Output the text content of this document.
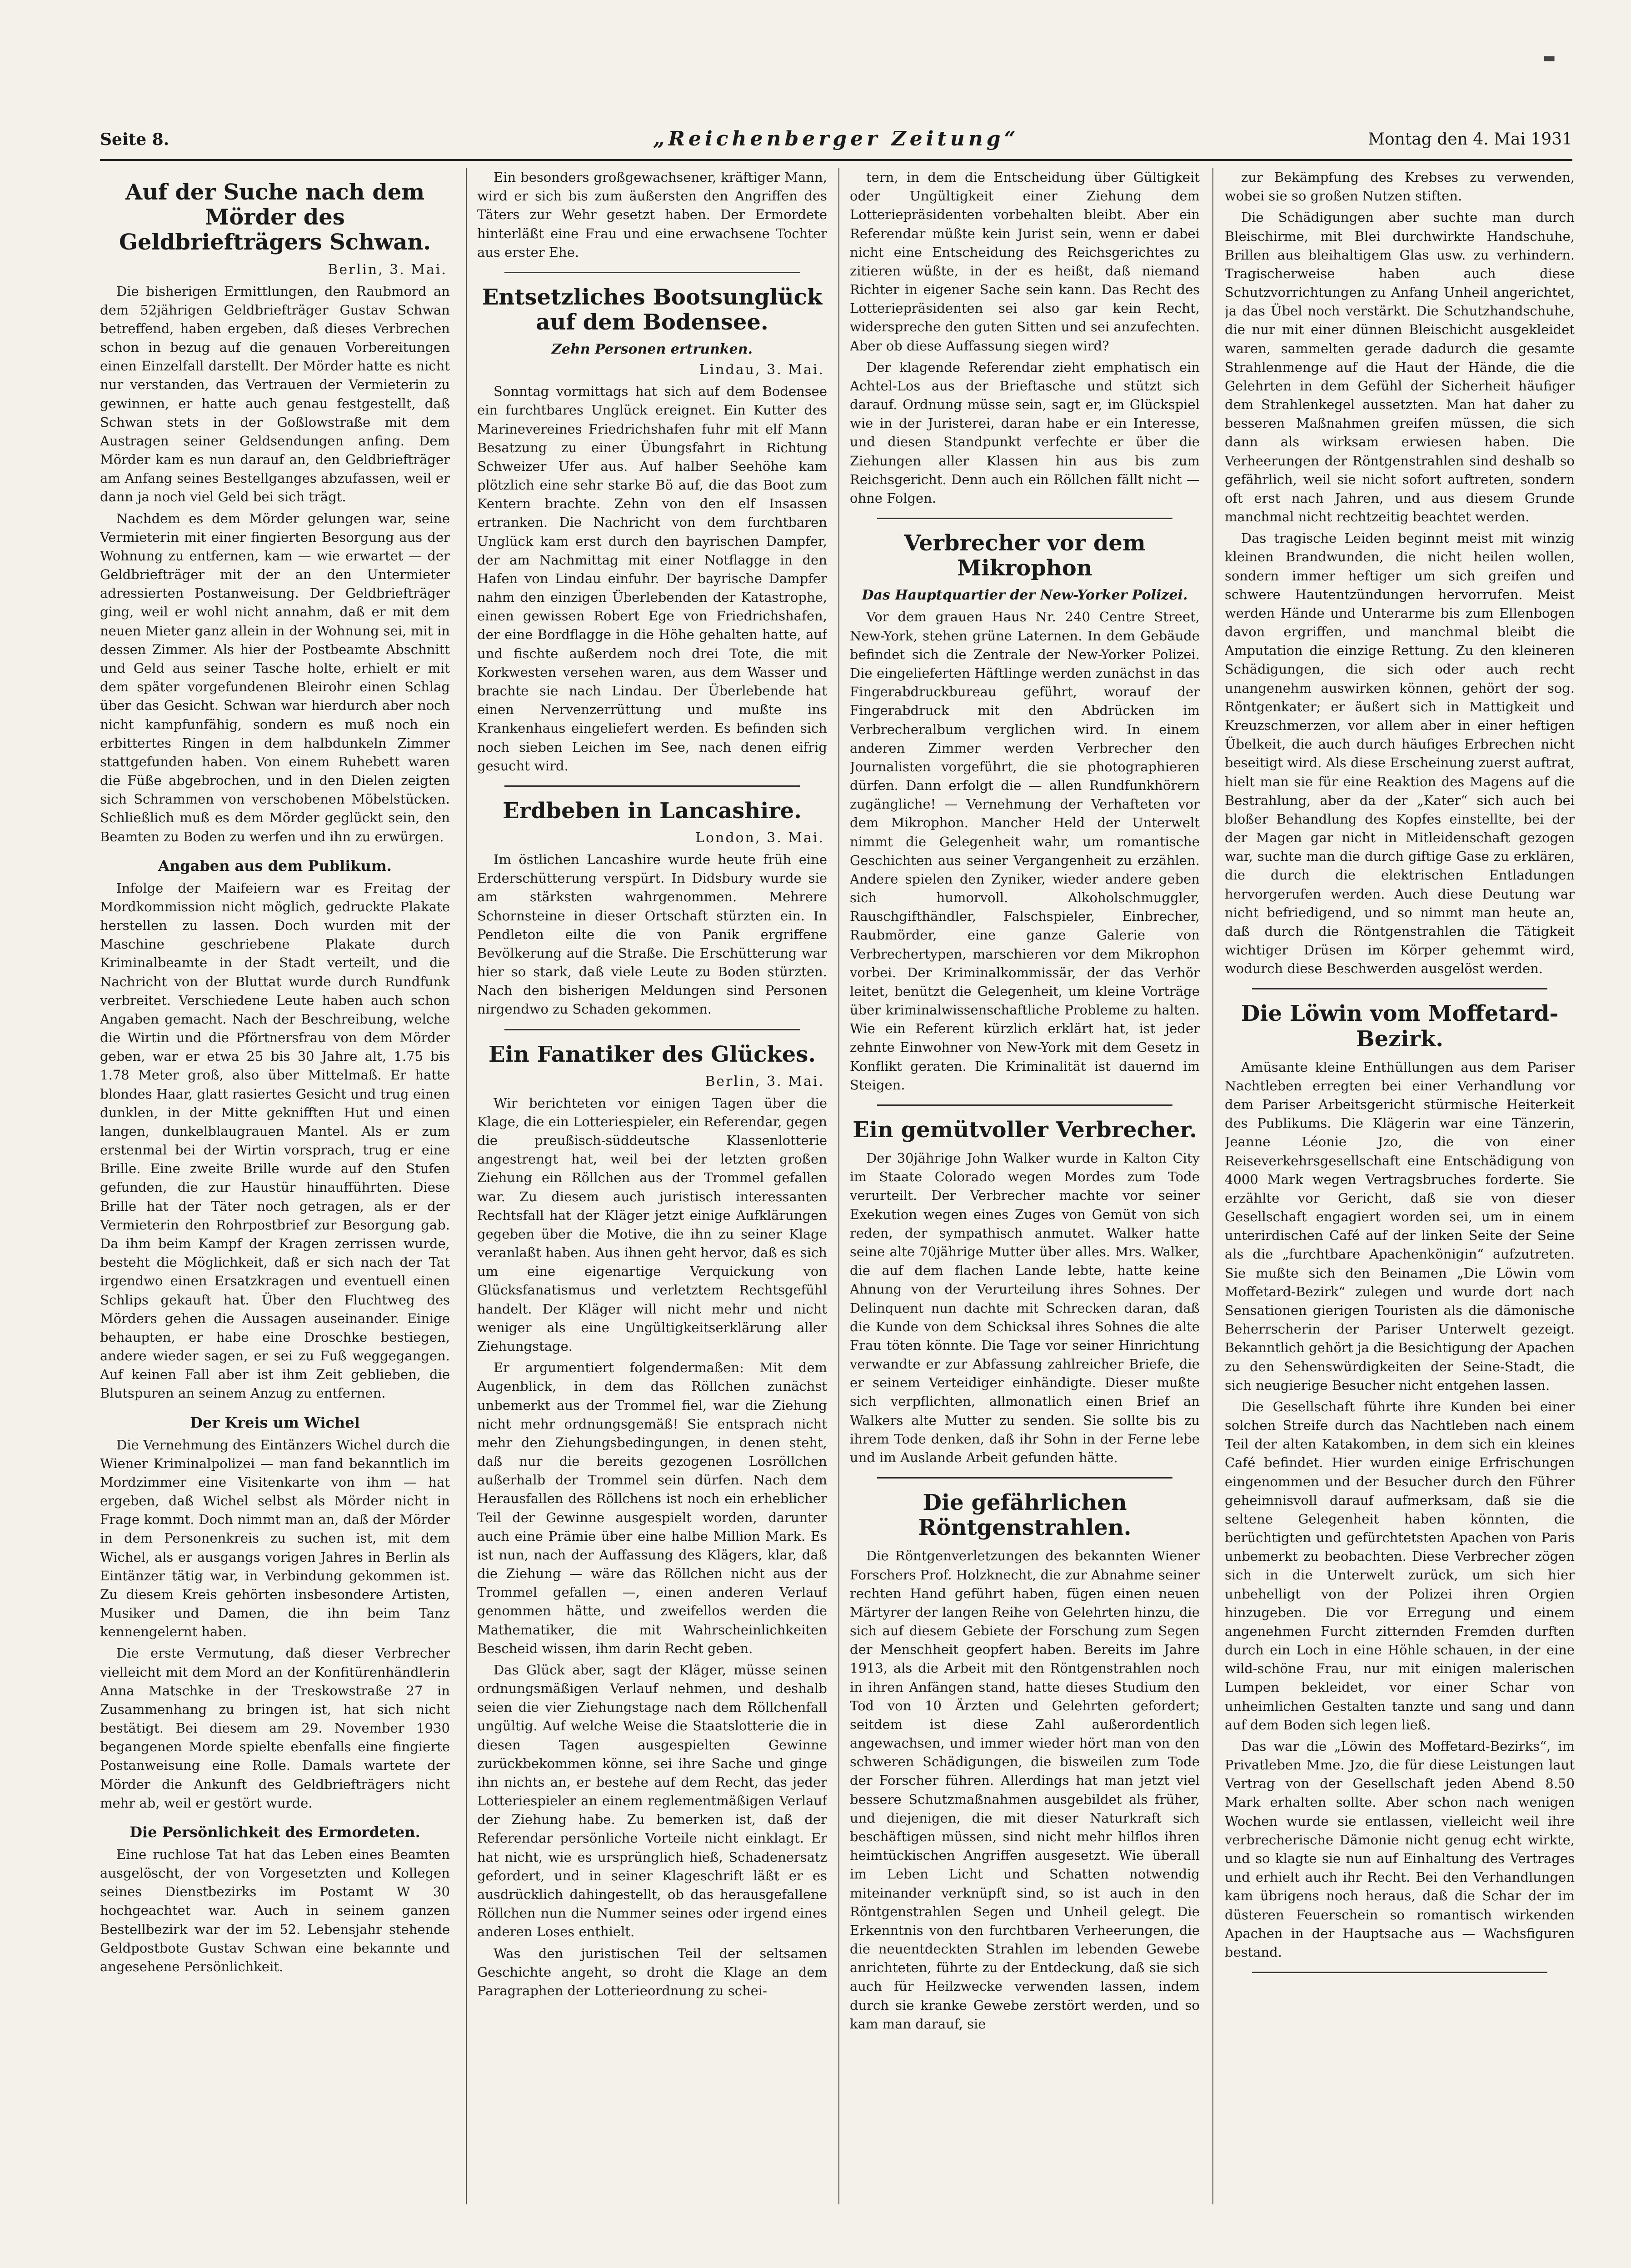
▬
Seite 8.	„Reichenberger Zeitung“	Montag den 4. Mai 1931
Auf der Suche nach dem Mörder des Geldbriefträgers Schwan.
Berlin, 3. Mai.

Die bisherigen Ermittlungen, den Raubmord an dem 52jährigen Geldbriefträger Gustav Schwan betreffend, haben ergeben, daß dieses Verbrechen schon in bezug auf die genauen Vorbereitungen einen Einzelfall darstellt. Der Mörder hatte es nicht nur verstanden, das Vertrauen der Vermieterin zu gewinnen, er hatte auch genau festgestellt, daß Schwan stets in der Goßlowstraße mit dem Austragen seiner Geldsendungen anfing. Dem Mörder kam es nun darauf an, den Geldbriefträger am Anfang seines Bestellganges abzufassen, weil er dann ja noch viel Geld bei sich trägt.

Nachdem es dem Mörder gelungen war, seine Vermieterin mit einer fingierten Besorgung aus der Wohnung zu entfernen, kam — wie erwartet — der Geldbriefträger mit der an den Untermieter adressierten Postanweisung. Der Geldbriefträger ging, weil er wohl nicht annahm, daß er mit dem neuen Mieter ganz allein in der Wohnung sei, mit in dessen Zimmer. Als hier der Postbeamte Abschnitt und Geld aus seiner Tasche holte, erhielt er mit dem später vorgefundenen Bleirohr einen Schlag über das Gesicht. Schwan war hierdurch aber noch nicht kampfunfähig, sondern es muß noch ein erbittertes Ringen in dem halbdunkeln Zimmer stattgefunden haben. Von einem Ruhebett waren die Füße abgebrochen, und in den Dielen zeigten sich Schrammen von verschobenen Möbelstücken. Schließlich muß es dem Mörder geglückt sein, den Beamten zu Boden zu werfen und ihn zu erwürgen.

Angaben aus dem Publikum.

Infolge der Maifeiern war es Freitag der Mordkommission nicht möglich, gedruckte Plakate herstellen zu lassen. Doch wurden mit der Maschine geschriebene Plakate durch Kriminalbeamte in der Stadt verteilt, und die Nachricht von der Bluttat wurde durch Rundfunk verbreitet. Verschiedene Leute haben auch schon Angaben gemacht. Nach der Beschreibung, welche die Wirtin und die Pförtnersfrau von dem Mörder geben, war er etwa 25 bis 30 Jahre alt, 1.75 bis 1.78 Meter groß, also über Mittelmaß. Er hatte blondes Haar, glatt rasiertes Gesicht und trug einen dunklen, in der Mitte geknifften Hut und einen langen, dunkelblaugrauen Mantel. Als er zum erstenmal bei der Wirtin vorsprach, trug er eine Brille. Eine zweite Brille wurde auf den Stufen gefunden, die zur Haustür hinaufführten. Diese Brille hat der Täter noch getragen, als er der Vermieterin den Rohrpostbrief zur Besorgung gab. Da ihm beim Kampf der Kragen zerrissen wurde, besteht die Möglichkeit, daß er sich nach der Tat irgendwo einen Ersatzkragen und eventuell einen Schlips gekauft hat. Über den Fluchtweg des Mörders gehen die Aussagen auseinander. Einige behaupten, er habe eine Droschke bestiegen, andere wieder sagen, er sei zu Fuß weggegangen. Auf keinen Fall aber ist ihm Zeit geblieben, die Blutspuren an seinem Anzug zu entfernen.

Der Kreis um Wichel

Die Vernehmung des Eintänzers Wichel durch die Wiener Kriminalpolizei — man fand bekanntlich im Mordzimmer eine Visitenkarte von ihm — hat ergeben, daß Wichel selbst als Mörder nicht in Frage kommt. Doch nimmt man an, daß der Mörder in dem Personenkreis zu suchen ist, mit dem Wichel, als er ausgangs vorigen Jahres in Berlin als Eintänzer tätig war, in Verbindung gekommen ist. Zu diesem Kreis gehörten insbesondere Artisten, Musiker und Damen, die ihn beim Tanz kennengelernt haben.

Die erste Vermutung, daß dieser Verbrecher vielleicht mit dem Mord an der Konfitürenhändlerin Anna Matschke in der Treskowstraße 27 in Zusammenhang zu bringen ist, hat sich nicht bestätigt. Bei diesem am 29. November 1930 begangenen Morde spielte ebenfalls eine fingierte Postanweisung eine Rolle. Damals wartete der Mörder die Ankunft des Geldbriefträgers nicht mehr ab, weil er gestört wurde.

Die Persönlichkeit des Ermordeten.

Eine ruchlose Tat hat das Leben eines Beamten ausgelöscht, der von Vorgesetzten und Kollegen seines Dienstbezirks im Postamt W 30 hochgeachtet war. Auch in seinem ganzen Bestellbezirk war der im 52. Lebensjahr stehende Geldpostbote Gustav Schwan eine bekannte und angesehene Persönlichkeit.

Ein besonders großgewachsener, kräftiger Mann, wird er sich bis zum äußersten den Angriffen des Täters zur Wehr gesetzt haben. Der Ermordete hinterläßt eine Frau und eine erwachsene Tochter aus erster Ehe.

Entsetzliches Bootsunglück auf dem Bodensee.
Zehn Personen ertrunken.
Lindau, 3. Mai.

Sonntag vormittags hat sich auf dem Bodensee ein furchtbares Unglück ereignet. Ein Kutter des Marinevereines Friedrichshafen fuhr mit elf Mann Besatzung zu einer Übungsfahrt in Richtung Schweizer Ufer aus. Auf halber Seehöhe kam plötzlich eine sehr starke Bö auf, die das Boot zum Kentern brachte. Zehn von den elf Insassen ertranken. Die Nachricht von dem furchtbaren Unglück kam erst durch den bayrischen Dampfer, der am Nachmittag mit einer Notflagge in den Hafen von Lindau einfuhr. Der bayrische Dampfer nahm den einzigen Überlebenden der Katastrophe, einen gewissen Robert Ege von Friedrichshafen, der eine Bordflagge in die Höhe gehalten hatte, auf und fischte außerdem noch drei Tote, die mit Korkwesten versehen waren, aus dem Wasser und brachte sie nach Lindau. Der Überlebende hat einen Nervenzerrüttung und mußte ins Krankenhaus eingeliefert werden. Es befinden sich noch sieben Leichen im See, nach denen eifrig gesucht wird.

Erdbeben in Lancashire.
London, 3. Mai.

Im östlichen Lancashire wurde heute früh eine Erderschütterung verspürt. In Didsbury wurde sie am stärksten wahrgenommen. Mehrere Schornsteine in dieser Ortschaft stürzten ein. In Pendleton eilte die von Panik ergriffene Bevölkerung auf die Straße. Die Erschütterung war hier so stark, daß viele Leute zu Boden stürzten. Nach den bisherigen Meldungen sind Personen nirgendwo zu Schaden gekommen.

Ein Fanatiker des Glückes.
Berlin, 3. Mai.

Wir berichteten vor einigen Tagen über die Klage, die ein Lotteriespieler, ein Referendar, gegen die preußisch-süddeutsche Klassenlotterie angestrengt hat, weil bei der letzten großen Ziehung ein Röllchen aus der Trommel gefallen war. Zu diesem auch juristisch interessanten Rechtsfall hat der Kläger jetzt einige Aufklärungen gegeben über die Motive, die ihn zu seiner Klage veranlaßt haben. Aus ihnen geht hervor, daß es sich um eine eigenartige Verquickung von Glücksfanatismus und verletztem Rechtsgefühl handelt. Der Kläger will nicht mehr und nicht weniger als eine Ungültigkeitserklärung aller Ziehungstage.

Er argumentiert folgendermaßen: Mit dem Augenblick, in dem das Röllchen zunächst unbemerkt aus der Trommel fiel, war die Ziehung nicht mehr ordnungsgemäß! Sie entsprach nicht mehr den Ziehungsbedingungen, in denen steht, daß nur die bereits gezogenen Losröllchen außerhalb der Trommel sein dürfen. Nach dem Herausfallen des Röllchens ist noch ein erheblicher Teil der Gewinne ausgespielt worden, darunter auch eine Prämie über eine halbe Million Mark. Es ist nun, nach der Auffassung des Klägers, klar, daß die Ziehung — wäre das Röllchen nicht aus der Trommel gefallen —, einen anderen Verlauf genommen hätte, und zweifellos werden die Mathematiker, die mit Wahrscheinlichkeiten Bescheid wissen, ihm darin Recht geben.

Das Glück aber, sagt der Kläger, müsse seinen ordnungsmäßigen Verlauf nehmen, und deshalb seien die vier Ziehungstage nach dem Röllchenfall ungültig. Auf welche Weise die Staatslotterie die in diesen Tagen ausgespielten Gewinne zurückbekommen könne, sei ihre Sache und ginge ihn nichts an, er bestehe auf dem Recht, das jeder Lotteriespieler an einem reglementmäßigen Verlauf der Ziehung habe. Zu bemerken ist, daß der Referendar persönliche Vorteile nicht einklagt. Er hat nicht, wie es ursprünglich hieß, Schadenersatz gefordert, und in seiner Klageschrift läßt er es ausdrücklich dahingestellt, ob das herausgefallene Röllchen nun die Nummer seines oder irgend eines anderen Loses enthielt.

Was den juristischen Teil der seltsamen Geschichte angeht, so droht die Klage an dem Paragraphen der Lotterieordnung zu schei-

tern, in dem die Entscheidung über Gültigkeit oder Ungültigkeit einer Ziehung dem Lotteriepräsidenten vorbehalten bleibt. Aber ein Referendar müßte kein Jurist sein, wenn er dabei nicht eine Entscheidung des Reichsgerichtes zu zitieren wüßte, in der es heißt, daß niemand Richter in eigener Sache sein kann. Das Recht des Lotteriepräsidenten sei also gar kein Recht, widerspreche den guten Sitten und sei anzufechten. Aber ob diese Auffassung siegen wird?

Der klagende Referendar zieht emphatisch ein Achtel-Los aus der Brieftasche und stützt sich darauf. Ordnung müsse sein, sagt er, im Glückspiel wie in der Juristerei, daran habe er ein Interesse, und diesen Standpunkt verfechte er über die Ziehungen aller Klassen hin aus bis zum Reichsgericht. Denn auch ein Röllchen fällt nicht — ohne Folgen.

Verbrecher vor dem Mikrophon
Das Hauptquartier der New-Yorker Polizei.

Vor dem grauen Haus Nr. 240 Centre Street, New-York, stehen grüne Laternen. In dem Gebäude befindet sich die Zentrale der New-Yorker Polizei. Die eingelieferten Häftlinge werden zunächst in das Fingerabdruckbureau geführt, worauf der Fingerabdruck mit den Abdrücken im Verbrecheralbum verglichen wird. In einem anderen Zimmer werden Verbrecher den Journalisten vorgeführt, die sie photographieren dürfen. Dann erfolgt die — allen Rundfunkhörern zugängliche! — Vernehmung der Verhafteten vor dem Mikrophon. Mancher Held der Unterwelt nimmt die Gelegenheit wahr, um romantische Geschichten aus seiner Vergangenheit zu erzählen. Andere spielen den Zyniker, wieder andere geben sich humorvoll. Alkoholschmuggler, Rauschgifthändler, Falschspieler, Einbrecher, Raubmörder, eine ganze Galerie von Verbrechertypen, marschieren vor dem Mikrophon vorbei. Der Kriminalkommissär, der das Verhör leitet, benützt die Gelegenheit, um kleine Vorträge über kriminalwissenschaftliche Probleme zu halten. Wie ein Referent kürzlich erklärt hat, ist jeder zehnte Einwohner von New-York mit dem Gesetz in Konflikt geraten. Die Kriminalität ist dauernd im Steigen.

Ein gemütvoller Verbrecher.

Der 30jährige John Walker wurde in Kalton City im Staate Colorado wegen Mordes zum Tode verurteilt. Der Verbrecher machte vor seiner Exekution wegen eines Zuges von Gemüt von sich reden, der sympathisch anmutet. Walker hatte seine alte 70jährige Mutter über alles. Mrs. Walker, die auf dem flachen Lande lebte, hatte keine Ahnung von der Verurteilung ihres Sohnes. Der Delinquent nun dachte mit Schrecken daran, daß die Kunde von dem Schicksal ihres Sohnes die alte Frau töten könnte. Die Tage vor seiner Hinrichtung verwandte er zur Abfassung zahlreicher Briefe, die er seinem Verteidiger einhändigte. Dieser mußte sich verpflichten, allmonatlich einen Brief an Walkers alte Mutter zu senden. Sie sollte bis zu ihrem Tode denken, daß ihr Sohn in der Ferne lebe und im Auslande Arbeit gefunden hätte.

Die gefährlichen Röntgenstrahlen.

Die Röntgenverletzungen des bekannten Wiener Forschers Prof. Holzknecht, die zur Abnahme seiner rechten Hand geführt haben, fügen einen neuen Märtyrer der langen Reihe von Gelehrten hinzu, die sich auf diesem Gebiete der Forschung zum Segen der Menschheit geopfert haben. Bereits im Jahre 1913, als die Arbeit mit den Röntgenstrahlen noch in ihren Anfängen stand, hatte dieses Studium den Tod von 10 Ärzten und Gelehrten gefordert; seitdem ist diese Zahl außerordentlich angewachsen, und immer wieder hört man von den schweren Schädigungen, die bisweilen zum Tode der Forscher führen. Allerdings hat man jetzt viel bessere Schutzmaßnahmen ausgebildet als früher, und diejenigen, die mit dieser Naturkraft sich beschäftigen müssen, sind nicht mehr hilflos ihren heimtückischen Angriffen ausgesetzt. Wie überall im Leben Licht und Schatten notwendig miteinander verknüpft sind, so ist auch in den Röntgenstrahlen Segen und Unheil gelegt. Die Erkenntnis von den furchtbaren Verheerungen, die die neuentdeckten Strahlen im lebenden Gewebe anrichteten, führte zu der Entdeckung, daß sie sich auch für Heilzwecke verwenden lassen, indem durch sie kranke Gewebe zerstört werden, und so kam man darauf, sie

zur Bekämpfung des Krebses zu verwenden, wobei sie so großen Nutzen stiften.

Die Schädigungen aber suchte man durch Bleischirme, mit Blei durchwirkte Handschuhe, Brillen aus bleihaltigem Glas usw. zu verhindern. Tragischerweise haben auch diese Schutzvorrichtungen zu Anfang Unheil angerichtet, ja das Übel noch verstärkt. Die Schutzhandschuhe, die nur mit einer dünnen Bleischicht ausgekleidet waren, sammelten gerade dadurch die gesamte Strahlenmenge auf die Haut der Hände, die die Gelehrten in dem Gefühl der Sicherheit häufiger dem Strahlenkegel aussetzten. Man hat daher zu besseren Maßnahmen greifen müssen, die sich dann als wirksam erwiesen haben. Die Verheerungen der Röntgenstrahlen sind deshalb so gefährlich, weil sie nicht sofort auftreten, sondern oft erst nach Jahren, und aus diesem Grunde manchmal nicht rechtzeitig beachtet werden.

Das tragische Leiden beginnt meist mit winzig kleinen Brandwunden, die nicht heilen wollen, sondern immer heftiger um sich greifen und schwere Hautentzündungen hervorrufen. Meist werden Hände und Unterarme bis zum Ellenbogen davon ergriffen, und manchmal bleibt die Amputation die einzige Rettung. Zu den kleineren Schädigungen, die sich oder auch recht unangenehm auswirken können, gehört der sog. Röntgenkater; er äußert sich in Mattigkeit und Kreuzschmerzen, vor allem aber in einer heftigen Übelkeit, die auch durch häufiges Erbrechen nicht beseitigt wird. Als diese Erscheinung zuerst auftrat, hielt man sie für eine Reaktion des Magens auf die Bestrahlung, aber da der „Kater“ sich auch bei bloßer Behandlung des Kopfes einstellte, bei der der Magen gar nicht in Mitleidenschaft gezogen war, suchte man die durch giftige Gase zu erklären, die durch die elektrischen Entladungen hervorgerufen werden. Auch diese Deutung war nicht befriedigend, und so nimmt man heute an, daß durch die Röntgenstrahlen die Tätigkeit wichtiger Drüsen im Körper gehemmt wird, wodurch diese Beschwerden ausgelöst werden.

Die Löwin vom Moffetard-Bezirk.

Amüsante kleine Enthüllungen aus dem Pariser Nachtleben erregten bei einer Verhandlung vor dem Pariser Arbeitsgericht stürmische Heiterkeit des Publikums. Die Klägerin war eine Tänzerin, Jeanne Léonie Jzo, die von einer Reiseverkehrsgesellschaft eine Entschädigung von 4000 Mark wegen Vertragsbruches forderte. Sie erzählte vor Gericht, daß sie von dieser Gesellschaft engagiert worden sei, um in einem unterirdischen Café auf der linken Seite der Seine als die „furchtbare Apachenkönigin“ aufzutreten. Sie mußte sich den Beinamen „Die Löwin vom Moffetard-Bezirk“ zulegen und wurde dort nach Sensationen gierigen Touristen als die dämonische Beherrscherin der Pariser Unterwelt gezeigt. Bekanntlich gehört ja die Besichtigung der Apachen zu den Sehenswürdigkeiten der Seine-Stadt, die sich neugierige Besucher nicht entgehen lassen.

Die Gesellschaft führte ihre Kunden bei einer solchen Streife durch das Nachtleben nach einem Teil der alten Katakomben, in dem sich ein kleines Café befindet. Hier wurden einige Erfrischungen eingenommen und der Besucher durch den Führer geheimnisvoll darauf aufmerksam, daß sie die seltene Gelegenheit haben könnten, die berüchtigten und gefürchtetsten Apachen von Paris unbemerkt zu beobachten. Diese Verbrecher zögen sich in die Unterwelt zurück, um sich hier unbehelligt von der Polizei ihren Orgien hinzugeben. Die vor Erregung und einem angenehmen Furcht zitternden Fremden durften durch ein Loch in eine Höhle schauen, in der eine wild-schöne Frau, nur mit einigen malerischen Lumpen bekleidet, vor einer Schar von unheimlichen Gestalten tanzte und sang und dann auf dem Boden sich legen ließ.

Das war die „Löwin des Moffetard-Bezirks“, im Privatleben Mme. Jzo, die für diese Leistungen laut Vertrag von der Gesellschaft jeden Abend 8.50 Mark erhalten sollte. Aber schon nach wenigen Wochen wurde sie entlassen, vielleicht weil ihre verbrecherische Dämonie nicht genug echt wirkte, und so klagte sie nun auf Einhaltung des Vertrages und erhielt auch ihr Recht. Bei den Verhandlungen kam übrigens noch heraus, daß die Schar der im düsteren Feuerschein so romantisch wirkenden Apachen in der Hauptsache aus — Wachsfiguren bestand.
